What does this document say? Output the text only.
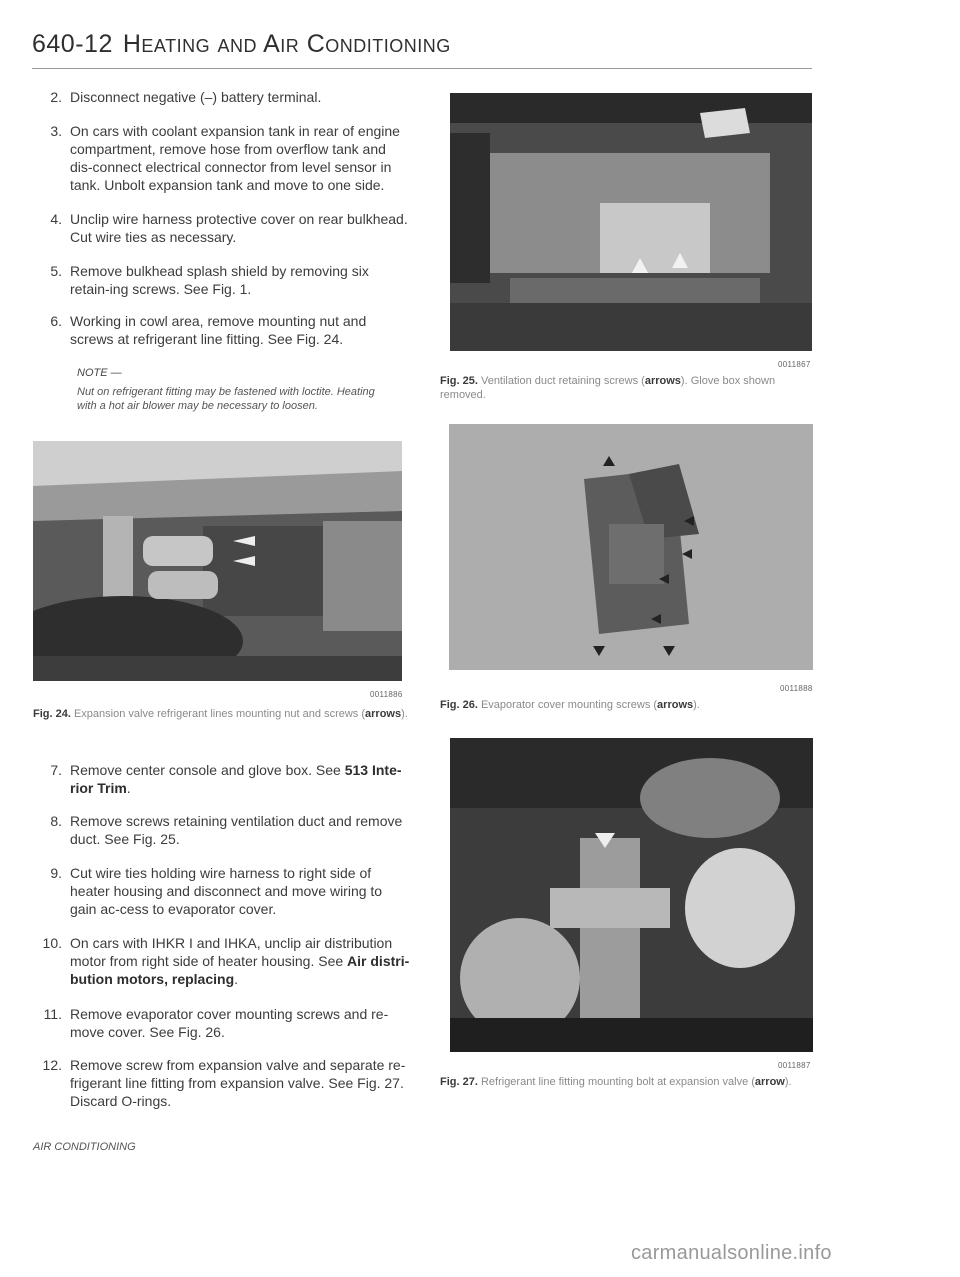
640-12 Heating and Air Conditioning
2. Disconnect negative (–) battery terminal.
3. On cars with coolant expansion tank in rear of engine compartment, remove hose from overflow tank and dis-connect electrical connector from level sensor in tank. Unbolt expansion tank and move to one side.
4. Unclip wire harness protective cover on rear bulkhead. Cut wire ties as necessary.
5. Remove bulkhead splash shield by removing six retain-ing screws. See Fig. 1.
6. Working in cowl area, remove mounting nut and screws at refrigerant line fitting. See Fig. 24.
NOTE —
Nut on refrigerant fitting may be fastened with loctite. Heating with a hot air blower may be necessary to loosen.
0011886
Fig. 24. Expansion valve refrigerant lines mounting nut and screws (arrows).
7. Remove center console and glove box. See 513 Inte-rior Trim.
8. Remove screws retaining ventilation duct and remove duct. See Fig. 25.
9. Cut wire ties holding wire harness to right side of heater housing and disconnect and move wiring to gain ac-cess to evaporator cover.
10. On cars with IHKR I and IHKA, unclip air distribution motor from right side of heater housing. See Air distri-bution motors, replacing.
11. Remove evaporator cover mounting screws and re-move cover. See Fig. 26.
12. Remove screw from expansion valve and separate re-frigerant line fitting from expansion valve. See Fig. 27. Discard O-rings.
0011867
Fig. 25. Ventilation duct retaining screws (arrows). Glove box shown removed.
0011888
Fig. 26. Evaporator cover mounting screws (arrows).
0011887
Fig. 27. Refrigerant line fitting mounting bolt at expansion valve (arrow).
AIR CONDITIONING
carmanualsonline.info
